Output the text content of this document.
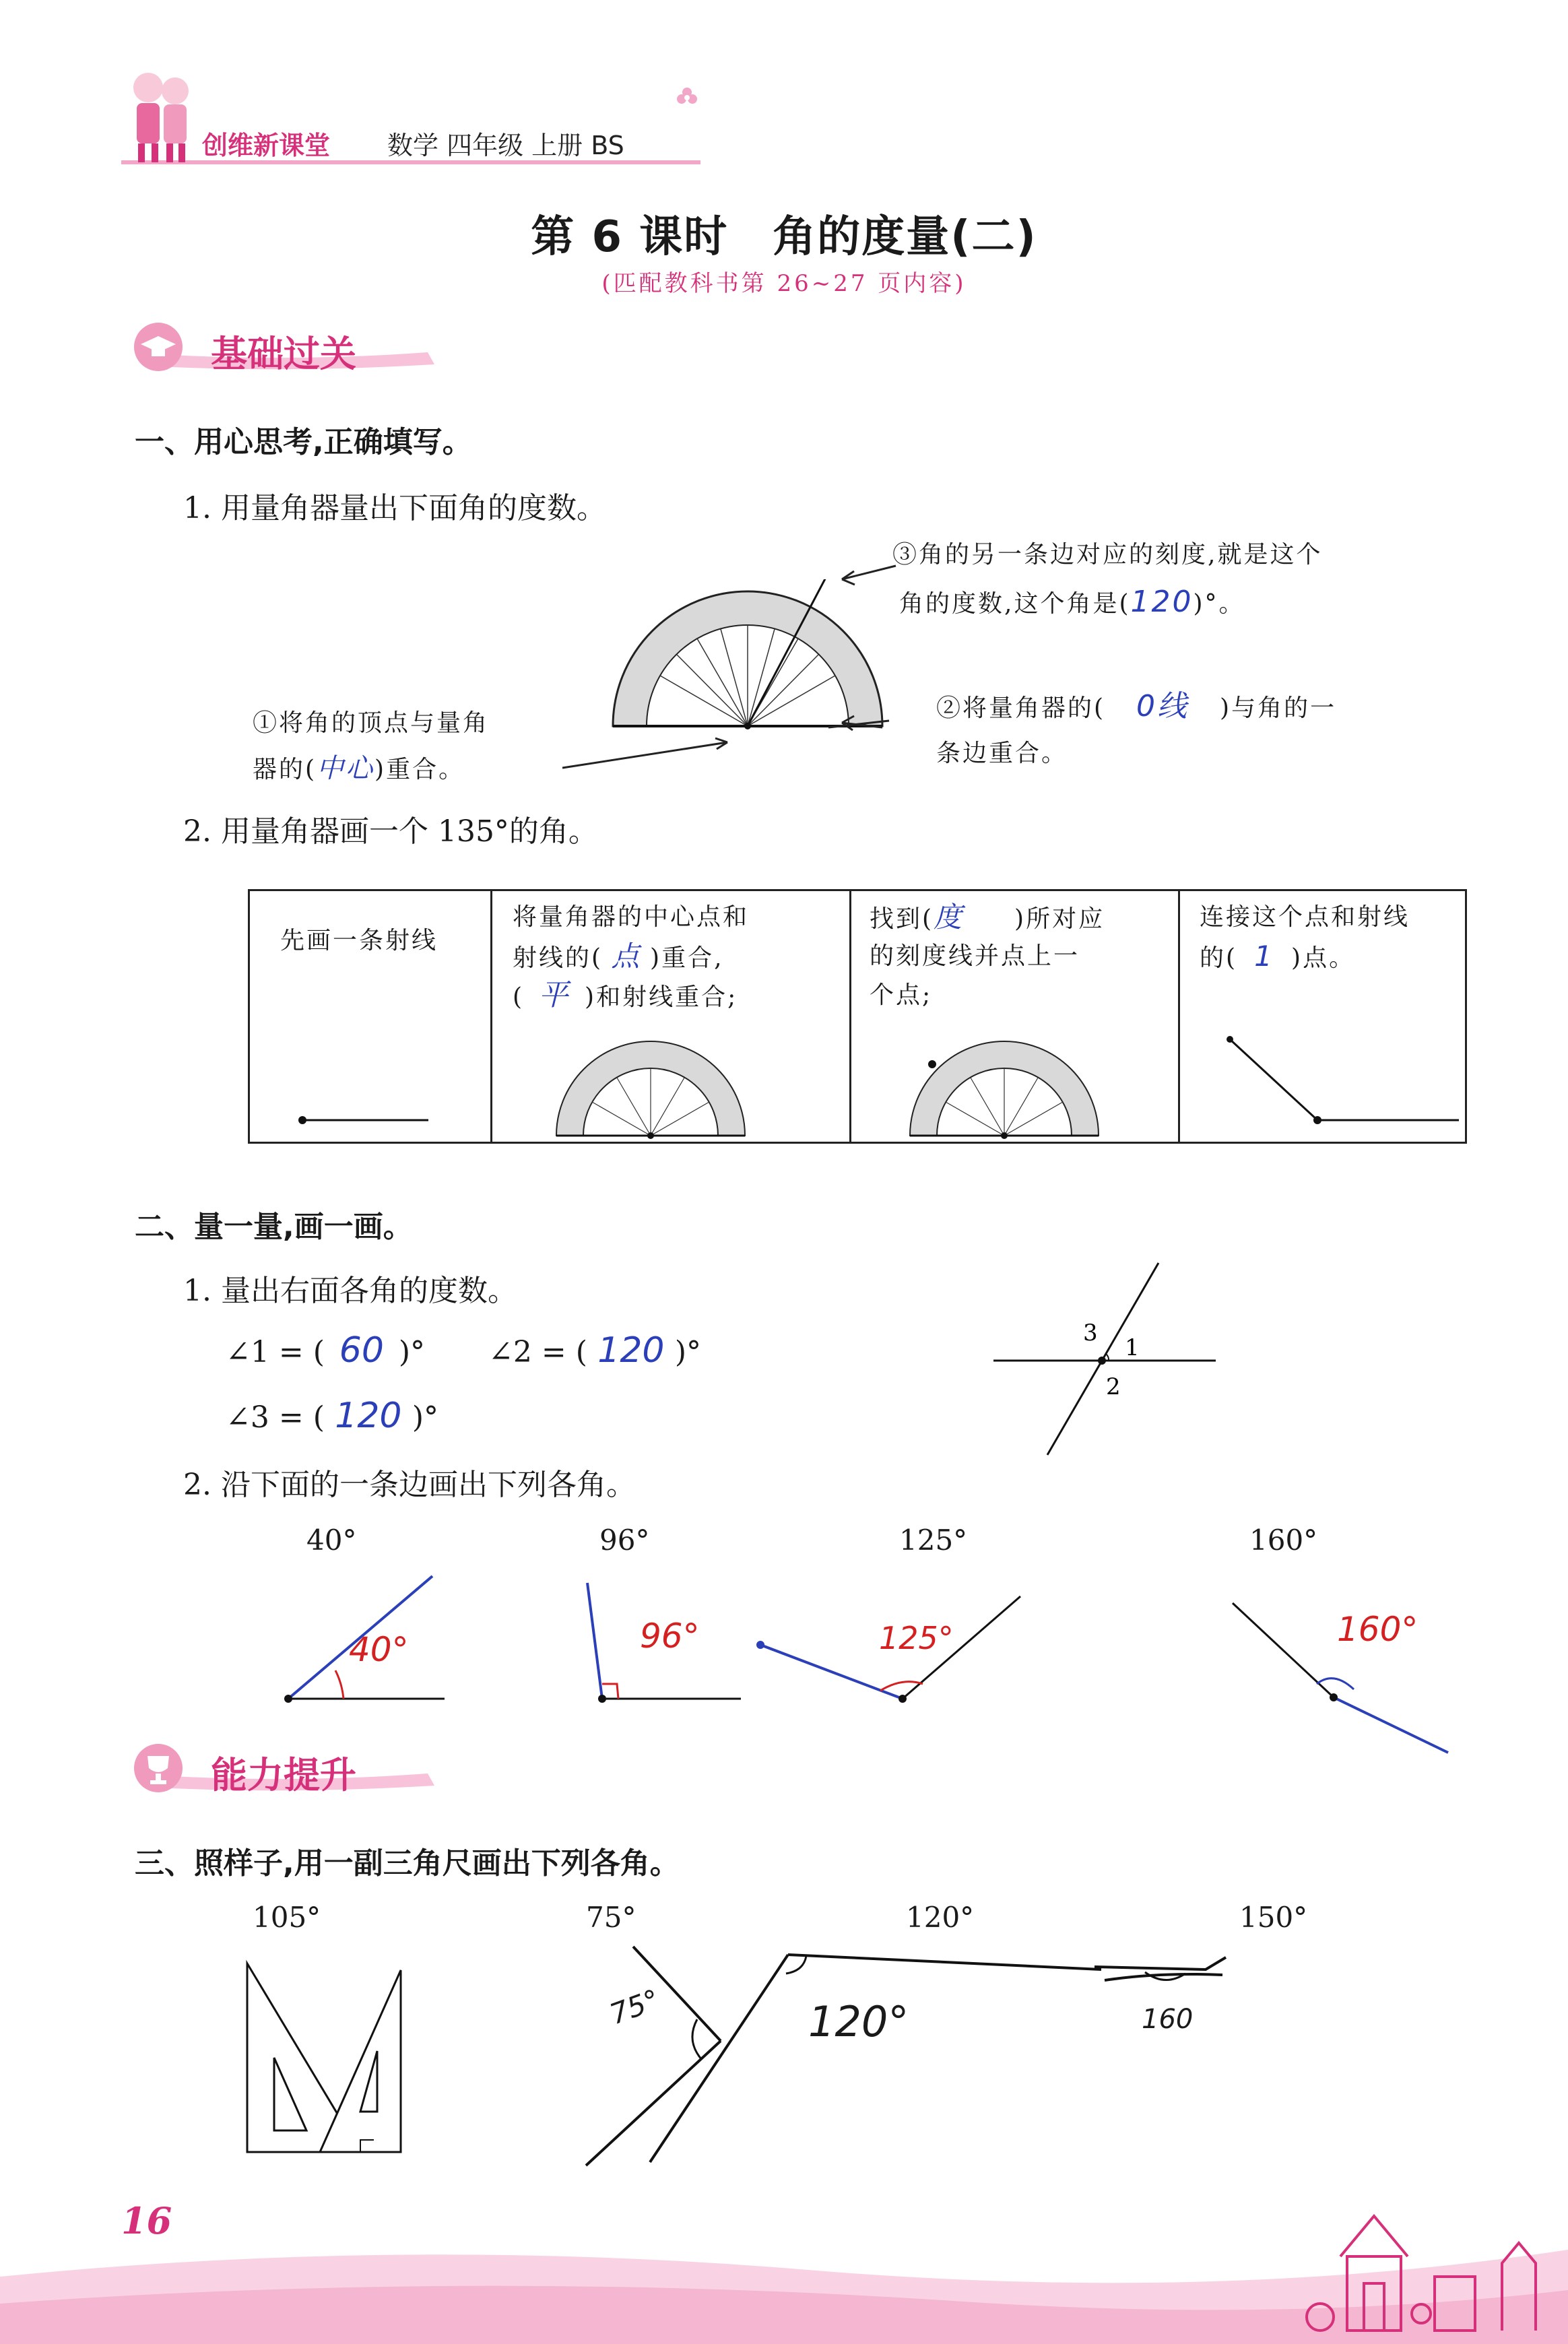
创维新课堂 数学 四年级 上册 BS
第 6 课时　角的度量(二)
(匹配教科书第 26~27 页内容)
基础过关
一、用心思考,正确填写。
1. 用量角器量出下面角的度数。
③角的另一条边对应的刻度,就是这个
角的度数,这个角是(120)°。
①将角的顶点与量角
器的(中心)重合。
②将量角器的( 0线 )与角的一
条边重合。
2. 用量角器画一个 135°的角。
先画一条射线
将量角器的中心点和
射线的( 点 )重合,
( 平 )和射线重合;
找到(度 )所对应
的刻度线并点上一
个点;
连接这个点和射线
的( 1 )点。
二、量一量,画一画。
1. 量出右面各角的度数。
∠1 = ( 60 )° ∠2 = ( 120 )°
∠3 = ( 120 )°
1
2
3
2. 沿下面的一条边画出下列各角。
40°	96°	125°	160°
40°	96°	125°	160°
能力提升
三、照样子,用一副三角尺画出下列各角。
105°	75°	120°	150°
75°	120°	160
16
